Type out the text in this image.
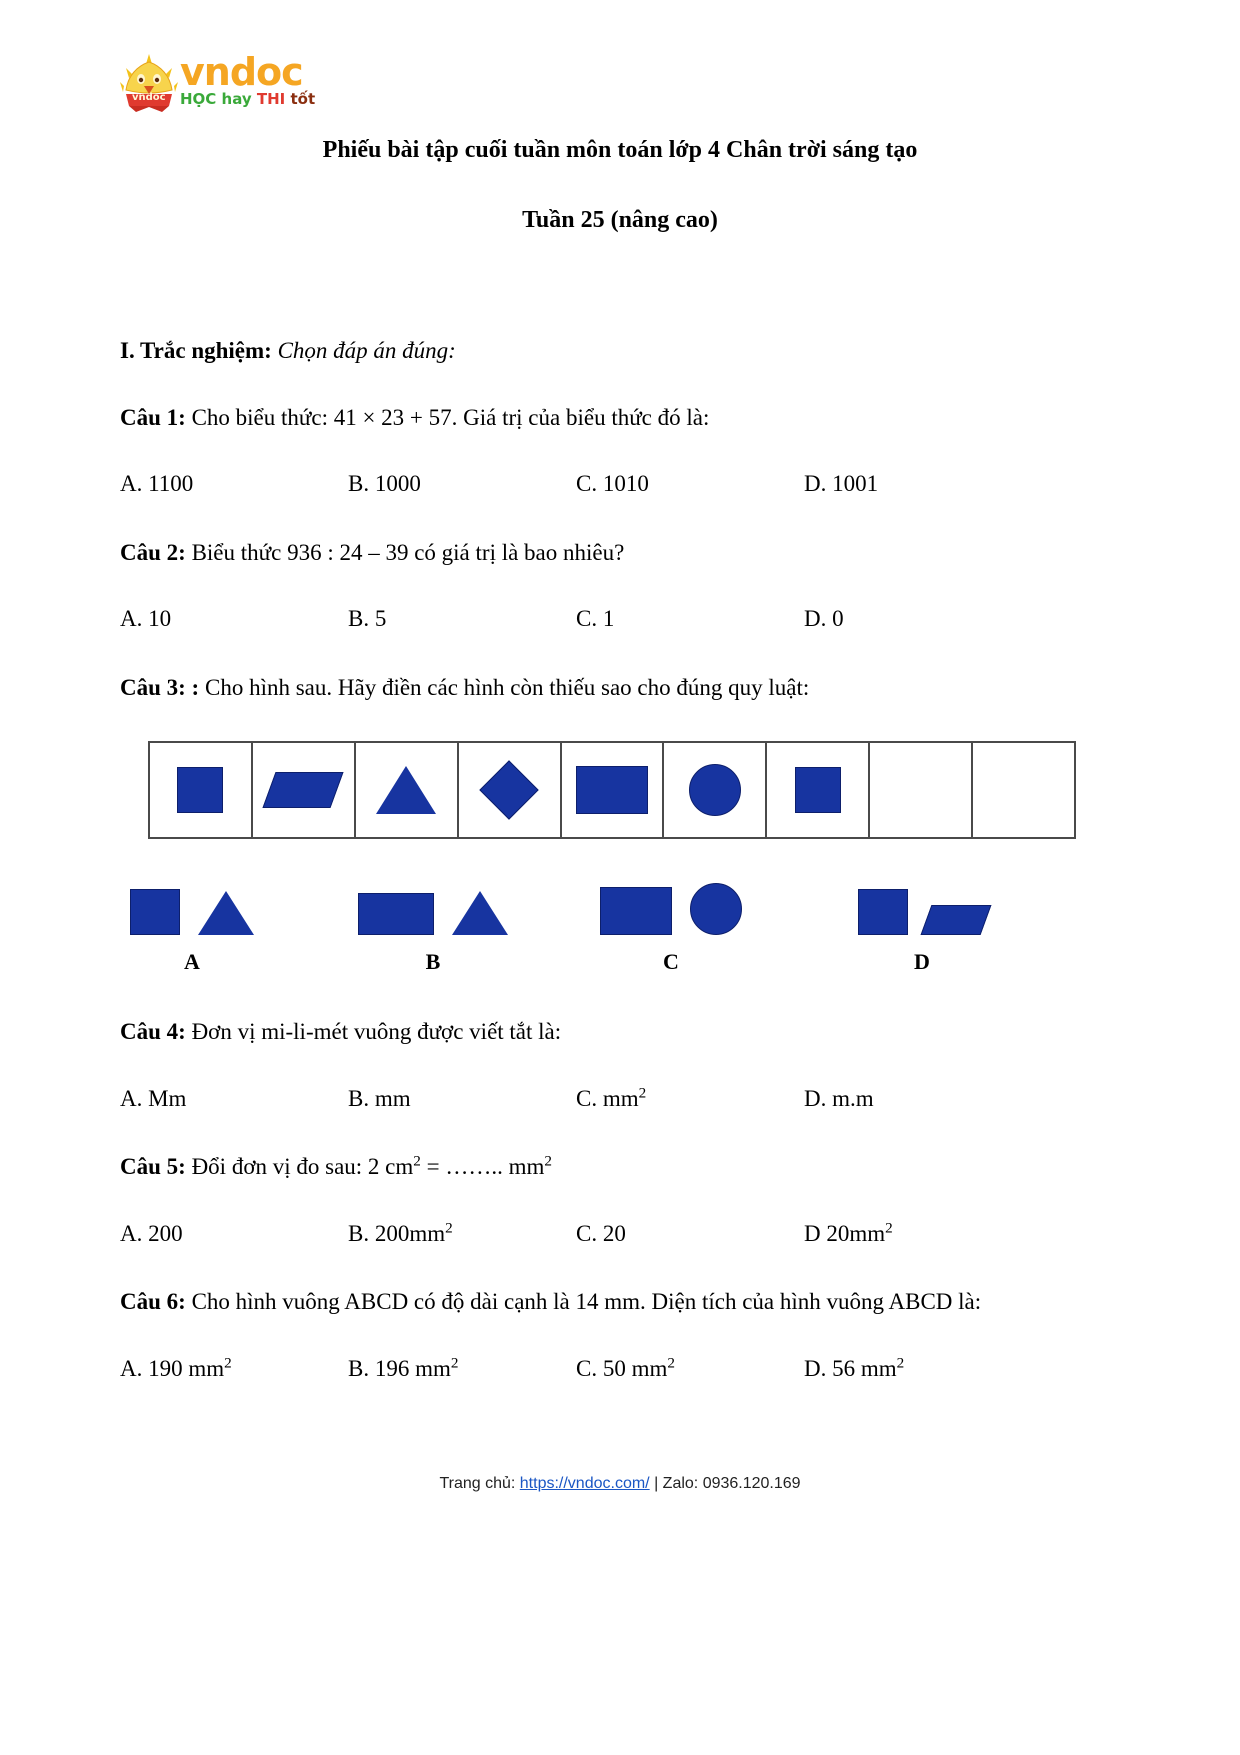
vndoc
vndoc
HỌC hay THI tốt
Phiếu bài tập cuối tuần môn toán lớp 4 Chân trời sáng tạo
Tuần 25 (nâng cao)
I. Trắc nghiệm: Chọn đáp án đúng:
Câu 1: Cho biểu thức: 41 × 23 + 57. Giá trị của biểu thức đó là:
A. 1100	B. 1000	C. 1010	D. 1001
Câu 2: Biểu thức 936 : 24 – 39 có giá trị là bao nhiêu?
A. 10	B. 5	C. 1	D. 0
Câu 3: : Cho hình sau. Hãy điền các hình còn thiếu sao cho đúng quy luật:
A	B	C	D
Câu 4: Đơn vị mi-li-mét vuông được viết tắt là:
A. Mm	B. mm	C. $mm^2$	D. m.m
Câu 5: Đổi đơn vị đo sau: 2 $cm^2$ = …….. $mm^2$
A. 200	B. $200mm^2$	C. 20	D $20mm^2$
Câu 6: Cho hình vuông ABCD có độ dài cạnh là 14 mm. Diện tích của hình vuông ABCD là:
A. 190 $mm^2$	B. 196 $mm^2$	C. 50 $mm^2$	D. 56 $mm^2$
Trang chủ: https://vndoc.com/ | Zalo: 0936.120.169
